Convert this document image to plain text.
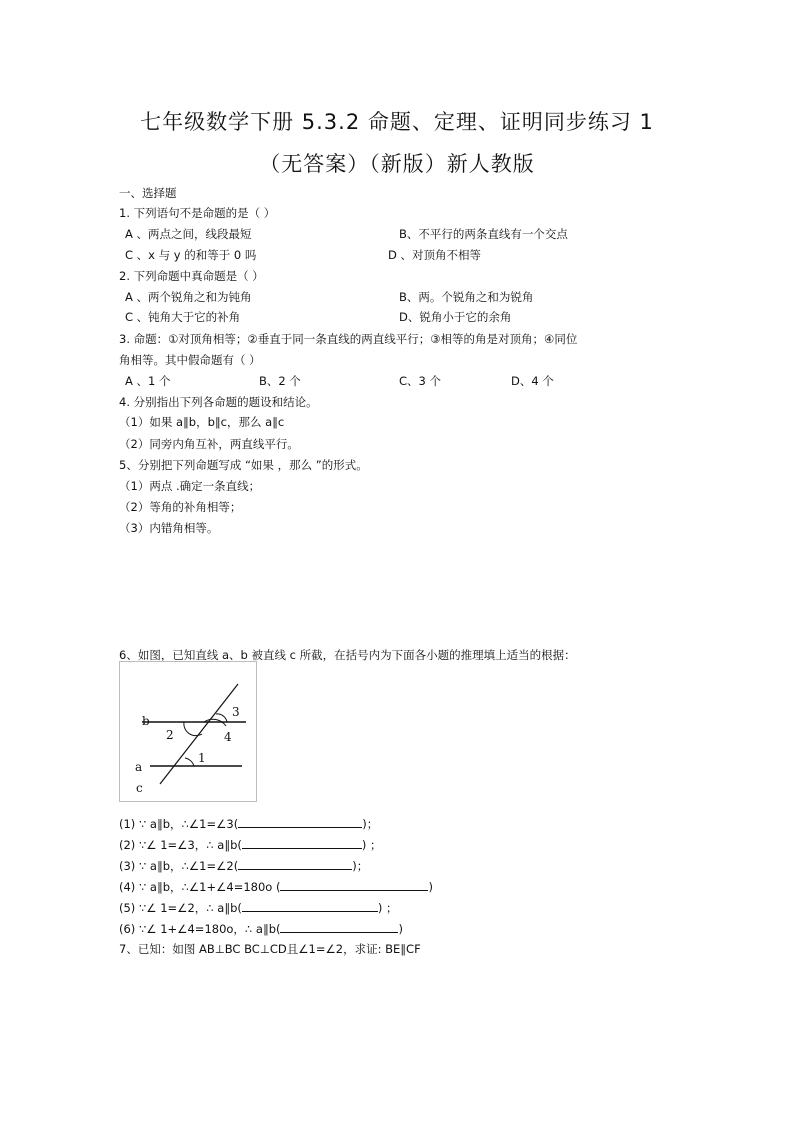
七年级数学下册 5.3.2 命题、定理、证明同步练习 1
（无答案）（新版）新人教版
一、选择题
1. 下列语句不是命题的是（ ）
A 、两点之间，线段最短	B、不平行的两条直线有一个交点
C 、x 与 y 的和等于 0 吗	D 、对顶角不相等
2. 下列命题中真命题是（ ）
A 、两个锐角之和为钝角	B、两。个锐角之和为锐角
C 、钝角大于它的补角	D、锐角小于它的余角
3. 命题：①对顶角相等；②垂直于同一条直线的两直线平行；③相等的角是对顶角；④同位
角相等。其中假命题有（ ）
A 、1 个	B、2 个	C、3 个	D、4 个
4. 分别指出下列各命题的题设和结论。
（1）如果 a∥b，b∥c，那么 a∥c
（2）同旁内角互补，两直线平行。
5、分别把下列命题写成 “如果 ，那么 ”的形式。
（1）两点 .确定一条直线；
（2）等角的补角相等；
（3）内错角相等。
6、如图，已知直线 a、b 被直线 c 所截，在括号内为下面各小题的推理填上适当的根据：
b
a
c
1
2
3
4
(1) ∵ a∥b，∴∠1=∠3(	)；
(2) ∵∠ 1=∠3，∴ a∥b(	) ；
(3) ∵ a∥b，∴∠1=∠2(	)；
(4) ∵ a∥b，∴∠1+∠4=180o (	)
(5) ∵∠ 1=∠2，∴ a∥b(	) ；
(6) ∵∠ 1+∠4=180o，∴ a∥b(	)
7、已知：如图 AB⊥BC BC⊥CD且∠1=∠2，求证: BE∥CF
